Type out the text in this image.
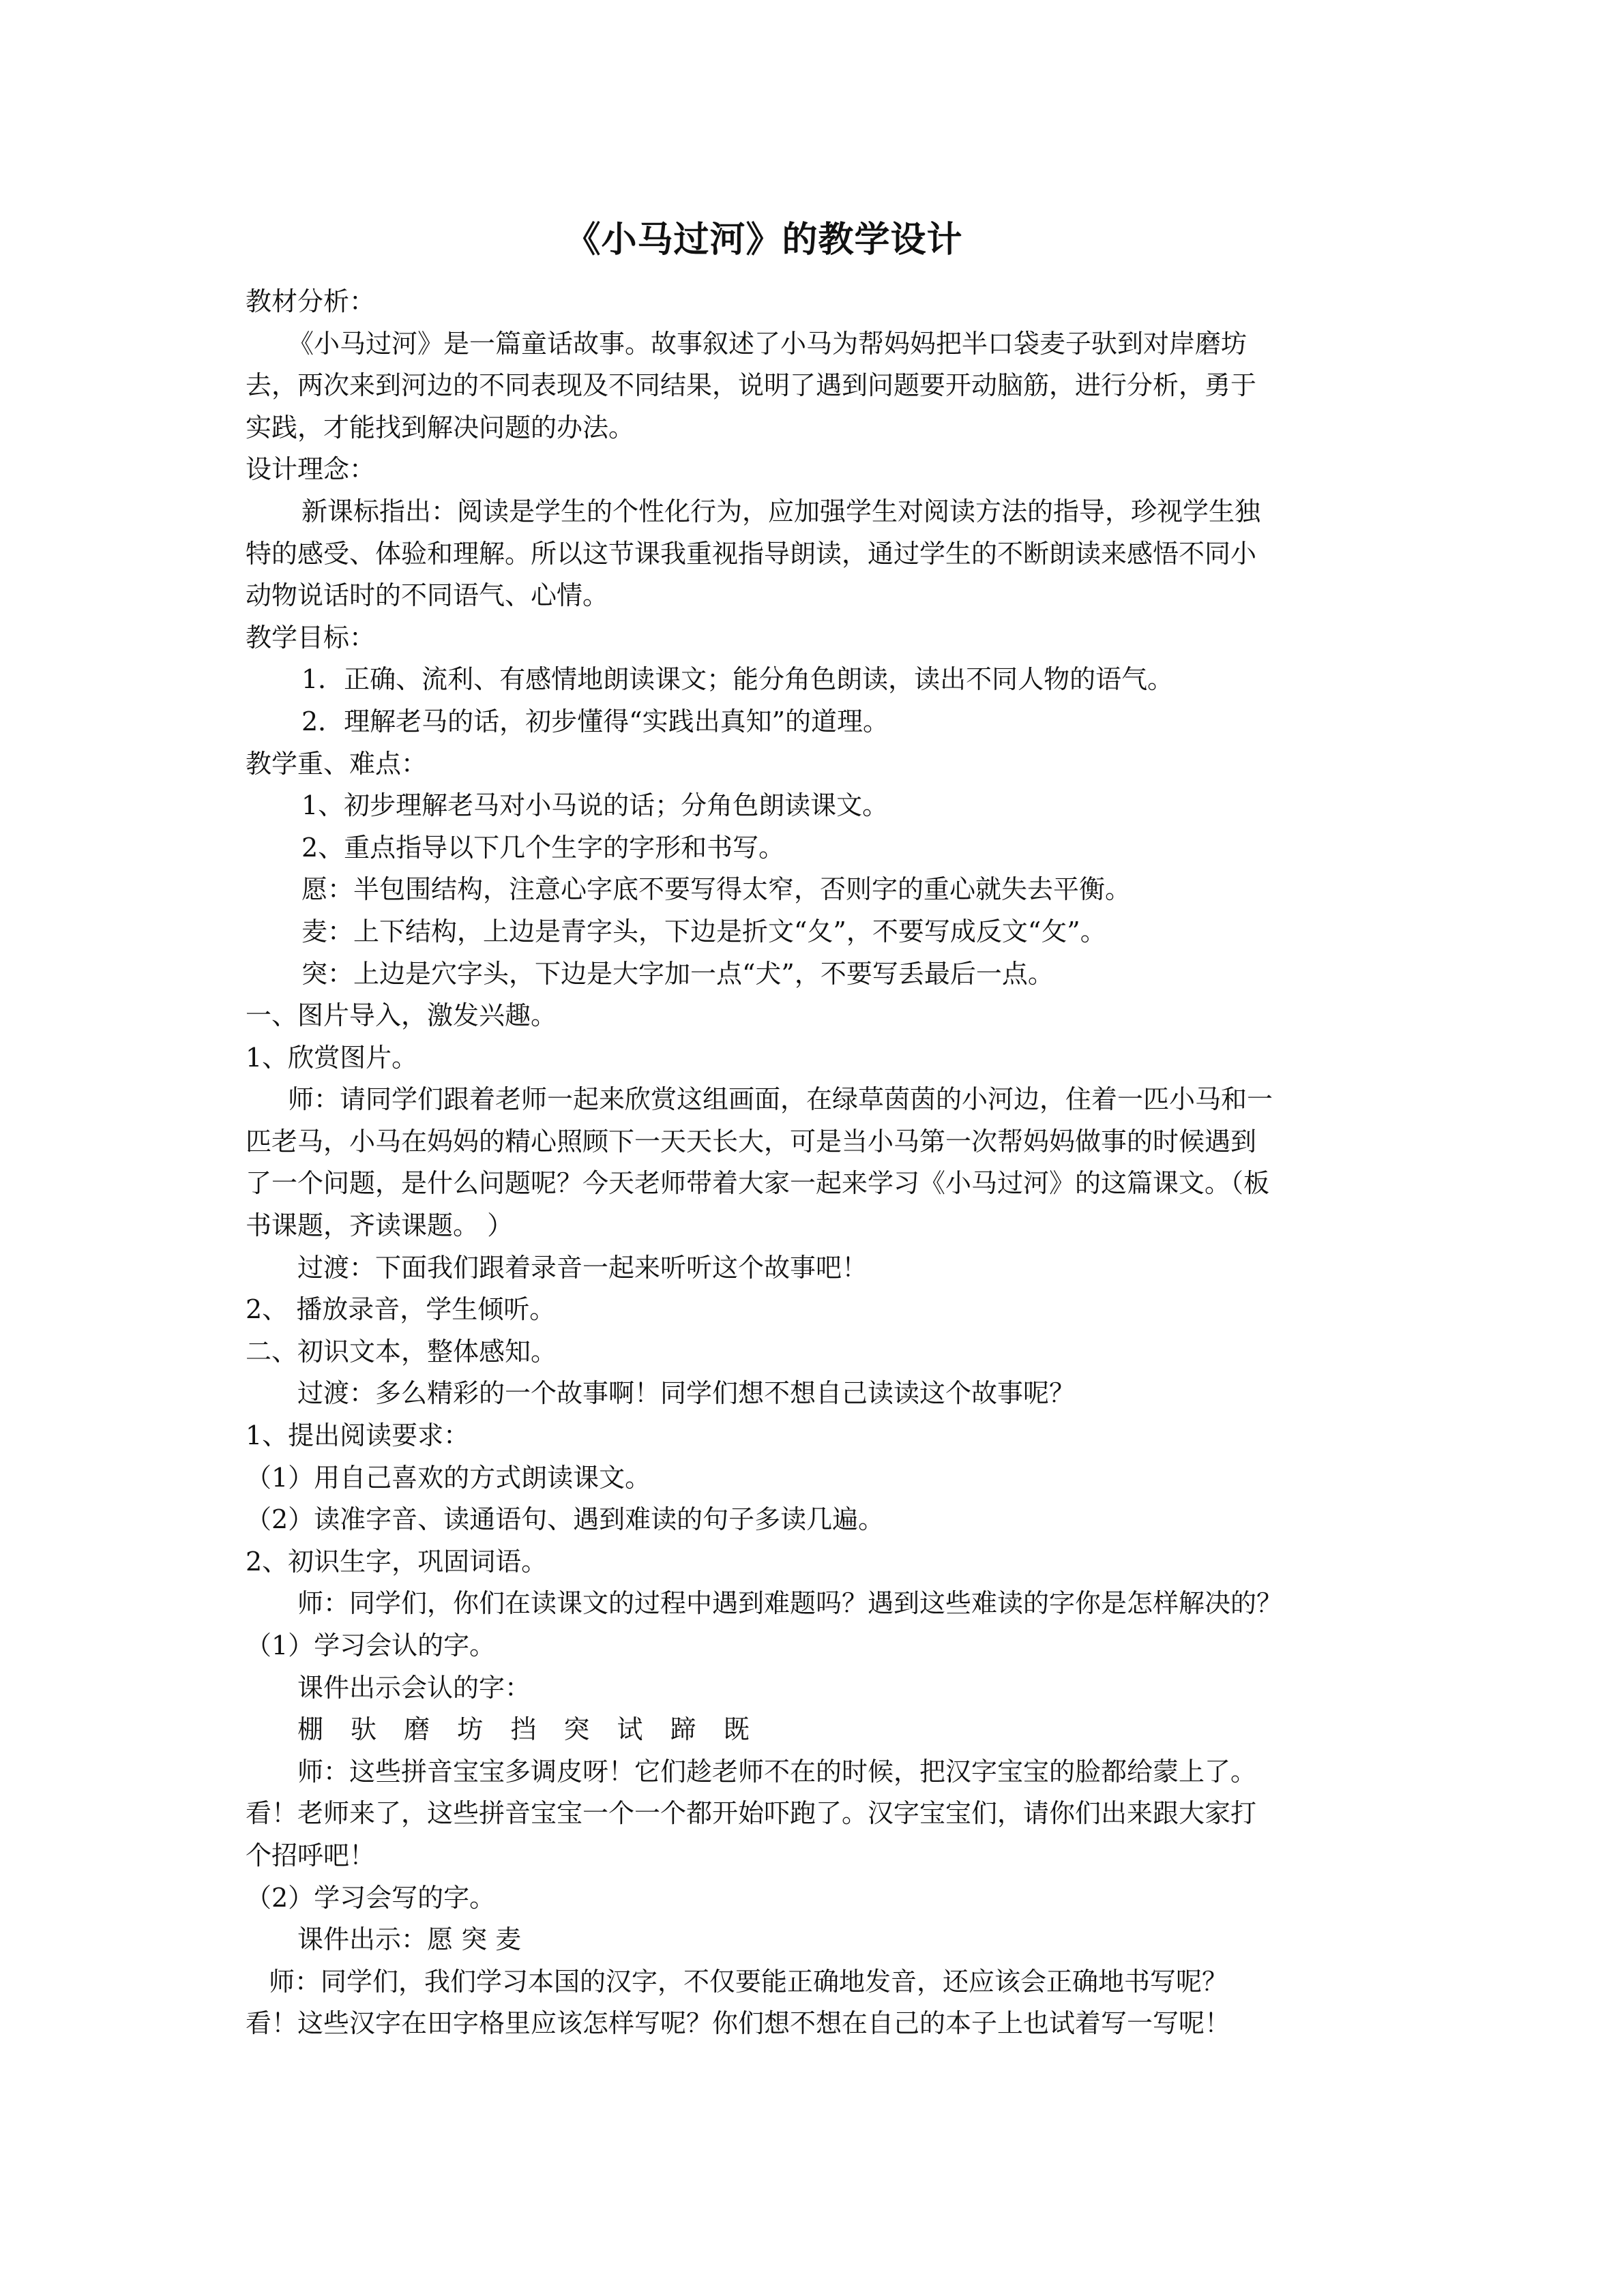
《小马过河》的教学设计
教材分析：
《小马过河》是一篇童话故事。故事叙述了小马为帮妈妈把半口袋麦子驮到对岸磨坊
去，两次来到河边的不同表现及不同结果，说明了遇到问题要开动脑筋，进行分析，勇于
实践，才能找到解决问题的办法。
设计理念：
新课标指出：阅读是学生的个性化行为，应加强学生对阅读方法的指导，珍视学生独
特的感受、体验和理解。所以这节课我重视指导朗读，通过学生的不断朗读来感悟不同小
动物说话时的不同语气、心情。
教学目标：
1．正确、流利、有感情地朗读课文；能分角色朗读，读出不同人物的语气。
2．理解老马的话，初步懂得“实践出真知”的道理。
教学重、难点：
1、初步理解老马对小马说的话；分角色朗读课文。
2、重点指导以下几个生字的字形和书写。
愿：半包围结构，注意心字底不要写得太窄，否则字的重心就失去平衡。
麦：上下结构，上边是青字头，下边是折文“夂”，不要写成反文“攵”。
突：上边是穴字头，下边是大字加一点“犬”，不要写丢最后一点。
一、图片导入，激发兴趣。
1、欣赏图片。
师：请同学们跟着老师一起来欣赏这组画面，在绿草茵茵的小河边，住着一匹小马和一
匹老马，小马在妈妈的精心照顾下一天天长大，可是当小马第一次帮妈妈做事的时候遇到
了一个问题，是什么问题呢？今天老师带着大家一起来学习《小马过河》的这篇课文。（板
书课题，齐读课题。 ）
过渡：下面我们跟着录音一起来听听这个故事吧！
2、 播放录音，学生倾听。
二、初识文本，整体感知。
过渡：多么精彩的一个故事啊！同学们想不想自己读读这个故事呢？
1、提出阅读要求：
（1）用自己喜欢的方式朗读课文。
（2）读准字音、读通语句、遇到难读的句子多读几遍。
2、初识生字，巩固词语。
师：同学们，你们在读课文的过程中遇到难题吗？遇到这些难读的字你是怎样解决的？
（1）学习会认的字。
课件出示会认的字：
棚 驮 磨 坊 挡 突 试 蹄 既
师：这些拼音宝宝多调皮呀！它们趁老师不在的时候，把汉字宝宝的脸都给蒙上了。
看！老师来了，这些拼音宝宝一个一个都开始吓跑了。汉字宝宝们，请你们出来跟大家打
个招呼吧！
（2）学习会写的字。
课件出示：愿 突 麦
师：同学们，我们学习本国的汉字，不仅要能正确地发音，还应该会正确地书写呢？
看！这些汉字在田字格里应该怎样写呢？你们想不想在自己的本子上也试着写一写呢！
